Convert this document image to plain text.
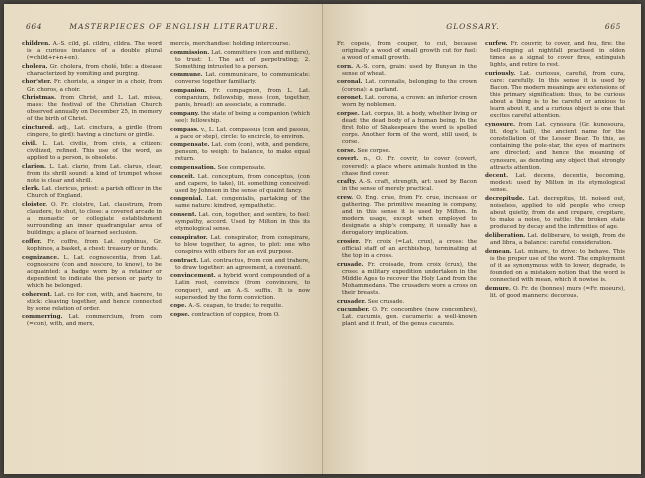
664	MASTERPIECES OF ENGLISH LITERATURE.
children. A.-S. cild, pl. cildru, cildra. The word is a curious instance of a double plural (=child+r+n+en).
cholera. Gr. cholera, from cholé, bile: a disease characterized by vomiting and purging.
chor'ster. Fr. choriste, a singer in a choir, from Gr. choros, a choir.
Christmas. from Christ, and L. Lat. missa, mass: the festival of the Christian Church observed annually on December 25, in memory of the birth of Christ.
cinctured. adj., Lat. cinctura, a girdle (from cingere, to gird): having a cincture or girdle.
civil. L. Lat. civilis, from civis, a citizen: civilized, refined. This use of the word, as applied to a person, is obsolete.
clarion. L. Lat. clario, from Lat. clarus, clear, from its shrill sound: a kind of trumpet whose note is clear and shrill.
clerk. Lat. clericus, priest: a parish officer in the Church of England.
cloister. O. Fr. cloistre, Lat. claustrum, from claudere, to shut, to close: a covered arcade in a monastic or collegiate establishment surrounding an inner quadrangular area of buildings; a place of learned seclusion.
coffer. Fr. coffre, from Lat. cophinus, Gr. kophinos, a basket, a chest: treasury or funds.
cognizance. L. Lat. cognoscentia, from Lat. cognoscere (con and noscere, to know), to be acquainted: a badge worn by a retainer or dependent to indicate the person or party to which he belonged.
coherent. Lat. co for con, with, and haerere, to stick: cleaving together, and hence connected by some relation of order.
commerring. Lat. commercium, from com (=con), with, and merx,
mercis, merchandise: holding intercourse.
commission. Lat. committere (con and mittere), to trust: 1. The act of perpetrating; 2. Something intrusted to a person.
commune. Lat. communicare, to communicate: converse together familiarly.
companion. Fr. compagnon, from L. Lat. companium, fellowship, mess (con, together, panis, bread): an associate, a comrade.
company. the state of being a companion (which see): fellowship.
compass. v., L. Lat. compassus (con and passus, a pace or step), circle: to encircle, to environ.
compensate. Lat. com (con), with, and pendere, pensum, to weigh: to balance, to make equal return.
compensation. See compensate.
conceit. Lat. conceptum, from conceptus, (con and capere, to take), lit. something conceived: used by Johnson in the sense of quaint fancy.
congenial. Lat. congenialis, partaking of the same nature: kindred, sympathetic.
consent. Lat. con, together, and sentire, to feel: sympathy, accord. Used by Milton in this its etymological sense.
conspirator. Lat. conspirator, from conspirare, to blow together, to agree, to plot: one who conspires with others for an evil purpose.
contract. Lat. contractus, from con and trahere, to draw together: an agreement, a covenant.
convincement. a hybrid word compounded of a Latin root, convince (from convincere, to conquer), and an A.-S. suffix. It is now superseded by the form conviction.
cope. A.-S. ceapan, to trade; to requite.
copse. contraction of coppice, from O.
GLOSSARY.	665
Fr. copeis, from couper, to cut, because originally a wood of small growth cut for fuel: a wood of small growth.
corn. A.-S. corn, grain: used by Bunyan in the sense of wheat.
coronal. Lat. coronalis, belonging to the crown (corona): a garland.
coronet. Lat. corona, a crown: an inferior crown worn by noblemen.
corpse. Lat. corpus, lit. a body, whether living or dead: the dead body of a human being. In the first folio of Shakespeare the word is spelled corps. Another form of the word, still used, is corse.
corse. See corpse.
covert. n., O. Fr. covrir, to cover (covert, covered): a place where animals hunted in the chase find cover.
crafty. A.-S. craft, strength, art: used by Bacon in the sense of merely practical.
crew. O. Eng. crue, from Fr. crue, increase or gathering. The primitive meaning is company, and in this sense it is used by Milton. In modern usage, except when employed to designate a ship's company, it usually has a derogatory implication.
crosier. Fr. croix (=Lat. crux), a cross: the official staff of an archbishop, terminating at the top in a cross.
crusade. Fr. croisade, from croix (crux), the cross: a military expedition undertaken in the Middle Ages to recover the Holy Land from the Mohammedans. The crusaders wore a cross on their breasts.
crusader. See crusade.
cucumber. O. Fr. concombre (now concombre), Lat. cucumis, gen. cucumeris: a well-known plant and it fruit, of the genus cucumis.
curfew. Fr. couvrir, to cover, and feu, fire: the bell-ringing at nightfall practised in olden times as a signal to cover fires, extinguish lights, and retire to rest.
curiously. Lat. curiosus, careful, from cura, care: carefully. In this sense it is used by Bacon. The modern meanings are extensions of this primary signification: thus, to be curious about a thing is to be careful or anxious to learn about it, and a curious object is one that excites careful attention.
cynosure. from Lat. cynosura (Gr. kunosoura, lit. dog's tail), the ancient name for the constellation of the Lesser Bear. To this, as containing the pole-star, the eyes of mariners are directed; and hence the meaning of cynosure, as denoting any object that strongly attracts attention.
decent. Lat. decens, decentis, becoming, modest: used by Milton in its etymological sense.
decrepitude. Lat. decrepitus, lit. noised out, noiseless, applied to old people who creep about quietly, from de and crepare, crepitare, to make a noise, to rattle: the broken state produced by decay and the infirmities of age.
deliberation. Lat. deliberare, to weigh, from de and libra, a balance: careful consideration.
demean. Lat. minare, to drive: to behave. This is the proper use of the word. The employment of it as synonymous with to lower, degrade, is founded on a mistaken notion that the word is connected with mean, which it nowise is.
demure. O. Fr. de (bonnes) murs (=Fr. moeurs), lit. of good manners: decorous.
